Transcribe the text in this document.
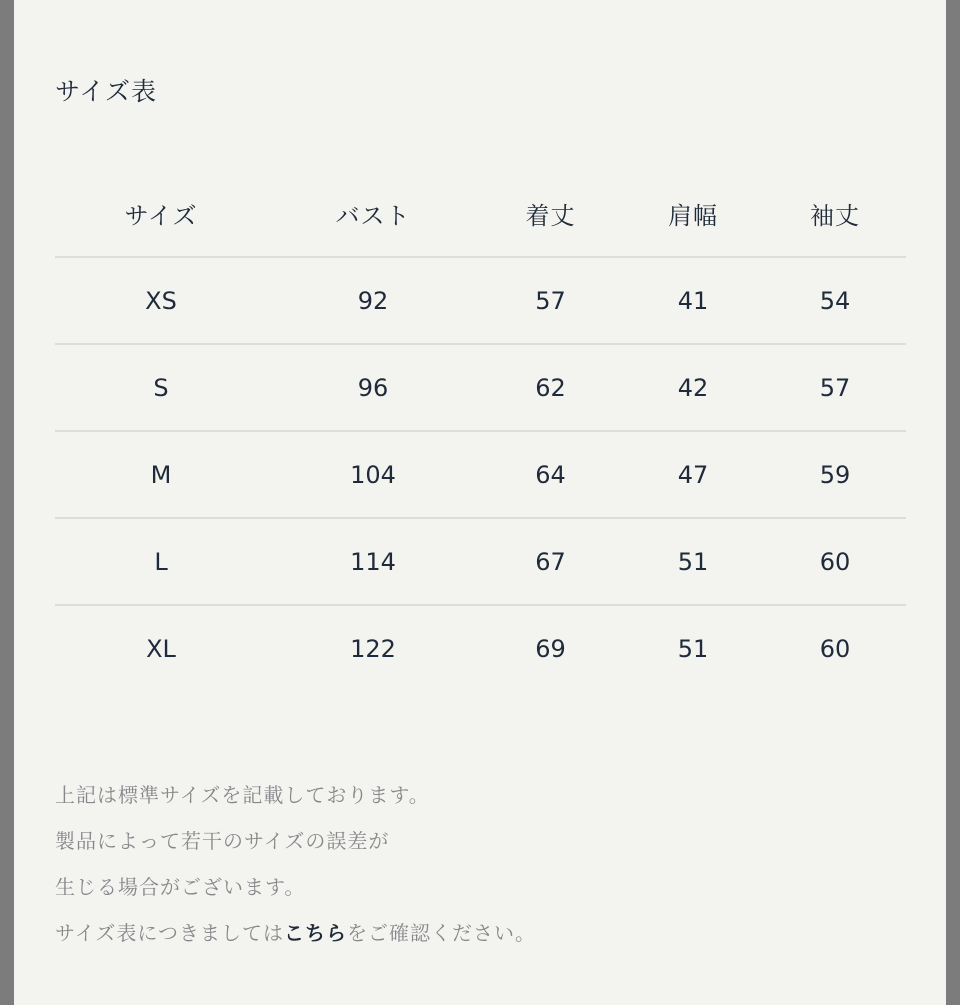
サイズ表
サイズ	バスト	着丈	肩幅	袖丈
XS	92	57	41	54
S	96	62	42	57
M	104	64	47	59
L	114	67	51	60
XL	122	69	51	60
上記は標準サイズを記載しております。
製品によって若干のサイズの誤差が
生じる場合がございます。
サイズ表につきましてはこちらをご確認ください。
